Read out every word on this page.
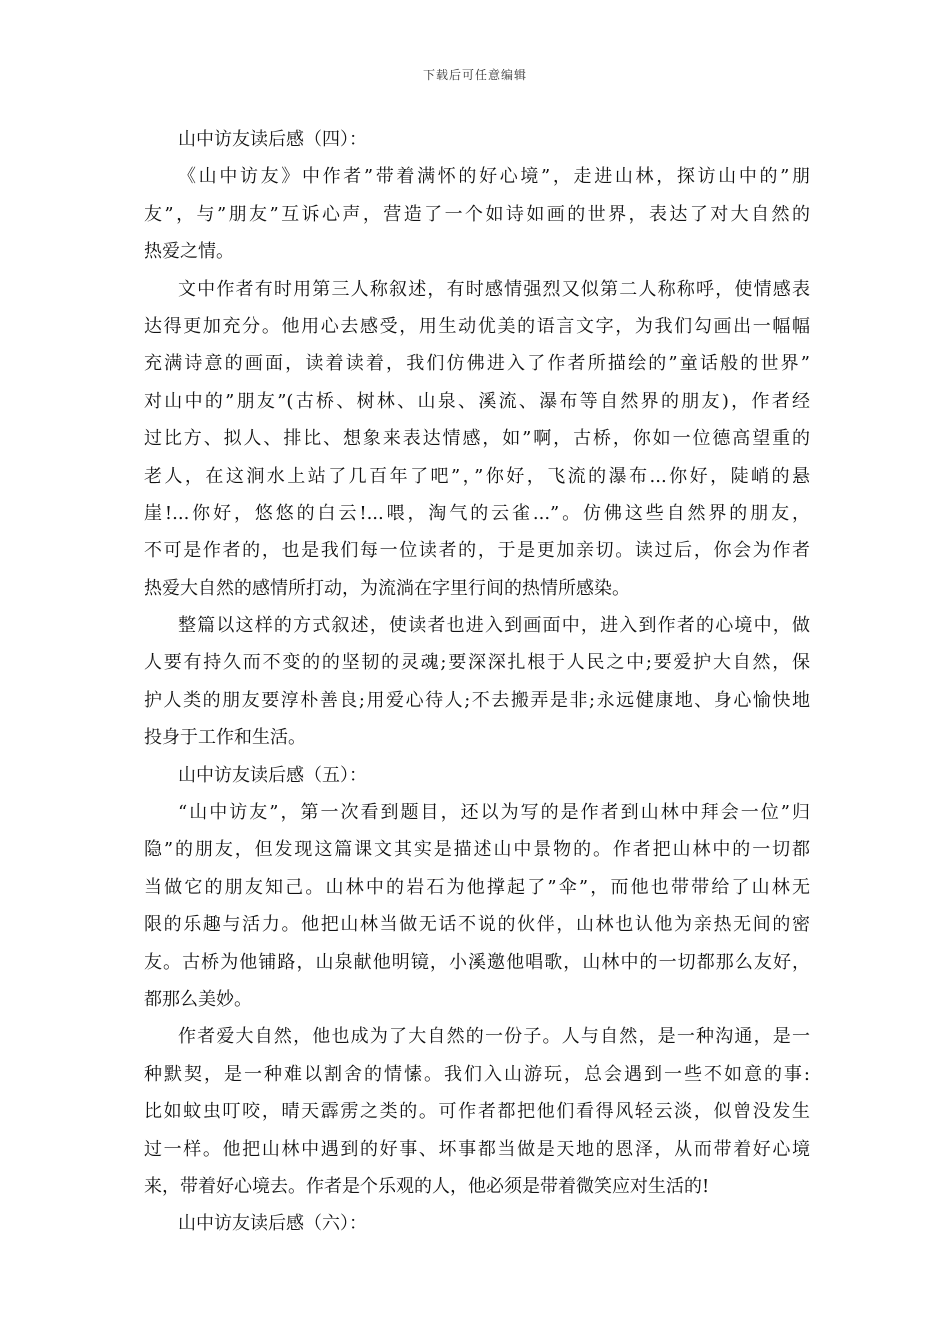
下载后可任意编辑
山中访友读后感（四）：
《山中访友》中作者”带着满怀的好心境”，走进山林，探访山中的”朋
友”，与”朋友”互诉心声，营造了一个如诗如画的世界，表达了对大自然的
热爱之情。
文中作者有时用第三人称叙述，有时感情强烈又似第二人称称呼，使情感表
达得更加充分。他用心去感受，用生动优美的语言文字，为我们勾画出一幅幅
充满诗意的画面，读着读着，我们仿佛进入了作者所描绘的”童话般的世界”
对山中的”朋友”(古桥、树林、山泉、溪流、瀑布等自然界的朋友)，作者经
过比方、拟人、排比、想象来表达情感，如”啊，古桥，你如一位德高望重的
老人，在这涧水上站了几百年了吧”，”你好，飞流的瀑布...你好，陡峭的悬
崖!...你好，悠悠的白云!...喂，淘气的云雀...”。仿佛这些自然界的朋友，
不可是作者的，也是我们每一位读者的，于是更加亲切。读过后，你会为作者
热爱大自然的感情所打动，为流淌在字里行间的热情所感染。
整篇以这样的方式叙述，使读者也进入到画面中，进入到作者的心境中，做
人要有持久而不变的的坚韧的灵魂;要深深扎根于人民之中;要爱护大自然，保
护人类的朋友要淳朴善良;用爱心待人;不去搬弄是非;永远健康地、身心愉快地
投身于工作和生活。
山中访友读后感（五）：
“山中访友”，第一次看到题目，还以为写的是作者到山林中拜会一位”归
隐”的朋友，但发现这篇课文其实是描述山中景物的。作者把山林中的一切都
当做它的朋友知己。山林中的岩石为他撑起了”伞”，而他也带带给了山林无
限的乐趣与活力。他把山林当做无话不说的伙伴，山林也认他为亲热无间的密
友。古桥为他铺路，山泉献他明镜，小溪邀他唱歌，山林中的一切都那么友好，
都那么美妙。
作者爱大自然，他也成为了大自然的一份子。人与自然，是一种沟通，是一
种默契，是一种难以割舍的情愫。我们入山游玩，总会遇到一些不如意的事:
比如蚊虫叮咬，晴天霹雳之类的。可作者都把他们看得风轻云淡，似曾没发生
过一样。他把山林中遇到的好事、坏事都当做是天地的恩泽，从而带着好心境
来，带着好心境去。作者是个乐观的人，他必须是带着微笑应对生活的!
山中访友读后感（六）：
